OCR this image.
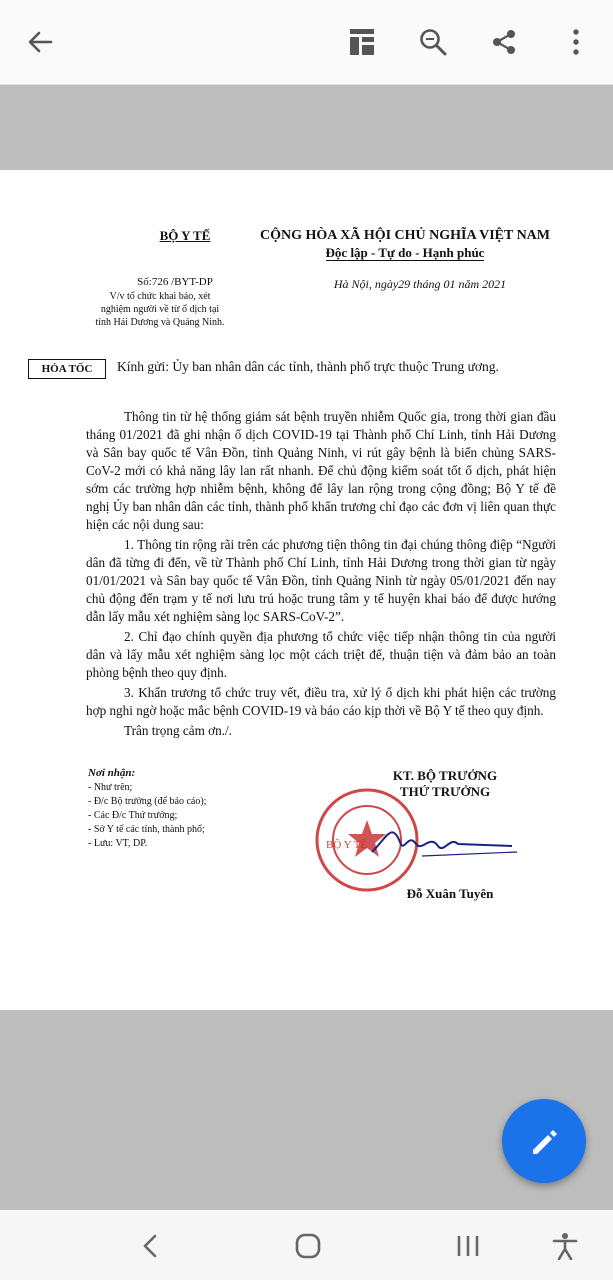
BỘ Y TẾ	CỘNG HÒA XÃ HỘI CHỦ NGHĨA VIỆT NAM
Độc lập - Tự do - Hạnh phúc
Số:726 /BYT-DP
V/v tổ chức khai báo, xét
nghiệm người về từ ổ dịch tại
tỉnh Hải Dương và Quảng Ninh.
Hà Nội, ngày29 tháng 01 năm 2021
HỎA TỐC	Kính gửi: Ủy ban nhân dân các tỉnh, thành phố trực thuộc Trung ương.

Thông tin từ hệ thống giám sát bệnh truyền nhiễm Quốc gia, trong thời gian đầu tháng 01/2021 đã ghi nhận ổ dịch COVID-19 tại Thành phố Chí Linh, tỉnh Hải Dương và Sân bay quốc tế Vân Đồn, tỉnh Quảng Ninh, vi rút gây bệnh là biến chủng SARS-CoV-2 mới có khả năng lây lan rất nhanh. Để chủ động kiểm soát tốt ổ dịch, phát hiện sớm các trường hợp nhiễm bệnh, không để lây lan rộng trong cộng đồng; Bộ Y tế đề nghị Ủy ban nhân dân các tỉnh, thành phố khẩn trương chỉ đạo các đơn vị liên quan thực hiện các nội dung sau:

1. Thông tin rộng rãi trên các phương tiện thông tin đại chúng thông điệp “Người dân đã từng đi đến, về từ Thành phố Chí Linh, tỉnh Hải Dương trong thời gian từ ngày 01/01/2021 và Sân bay quốc tế Vân Đồn, tỉnh Quảng Ninh từ ngày 05/01/2021 đến nay chủ động đến trạm y tế nơi lưu trú hoặc trung tâm y tế huyện khai báo để được hướng dẫn lấy mẫu xét nghiệm sàng lọc SARS-CoV-2”.

2. Chỉ đạo chính quyền địa phương tổ chức việc tiếp nhận thông tin của người dân và lấy mẫu xét nghiệm sàng lọc một cách triệt để, thuận tiện và đảm bảo an toàn phòng bệnh theo quy định.

3. Khẩn trương tổ chức truy vết, điều tra, xử lý ổ dịch khi phát hiện các trường hợp nghi ngờ hoặc mắc bệnh COVID-19 và báo cáo kịp thời về Bộ Y tế theo quy định.

Trân trọng cảm ơn./.

Nơi nhận:
- Như trên;
- Đ/c Bộ trưởng (để báo cáo);
- Các Đ/c Thứ trưởng;
- Sở Y tế các tỉnh, thành phố;
- Lưu: VT, DP.
KT. BỘ TRƯỞNG
THỨ TRƯỞNG
BỘ Y TẾ
Đỗ Xuân Tuyên
